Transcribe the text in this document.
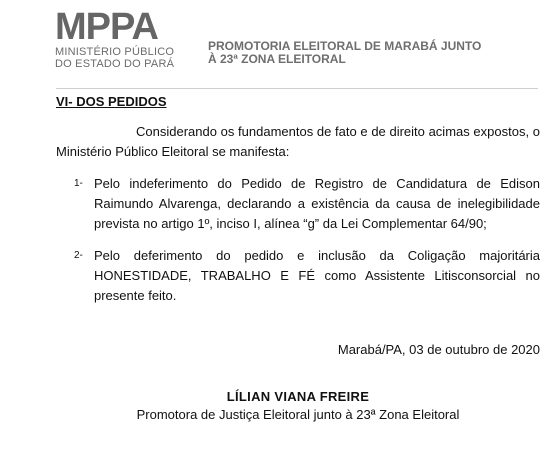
MPPA
MINISTÉRIO PÚBLICO
DO ESTADO DO PARÁ
PROMOTORIA ELEITORAL DE MARABÁ JUNTO
À 23ª ZONA ELEITORAL
VI- DOS PEDIDOS

Considerando os fundamentos de fato e de direito acimas expostos, o Ministério Público Eleitoral se manifesta:

1- Pelo indeferimento do Pedido de Registro de Candidatura de Edison Raimundo Alvarenga, declarando a existência da causa de inelegibilidade prevista no artigo 1º, inciso I, alínea “g” da Lei Complementar 64/90;
2- Pelo deferimento do pedido e inclusão da Coligação majoritária HONESTIDADE, TRABALHO E FÉ como Assistente Litisconsorcial no presente feito.
Marabá/PA, 03 de outubro de 2020
LÍLIAN VIANA FREIRE
Promotora de Justiça Eleitoral junto à 23ª Zona Eleitoral
